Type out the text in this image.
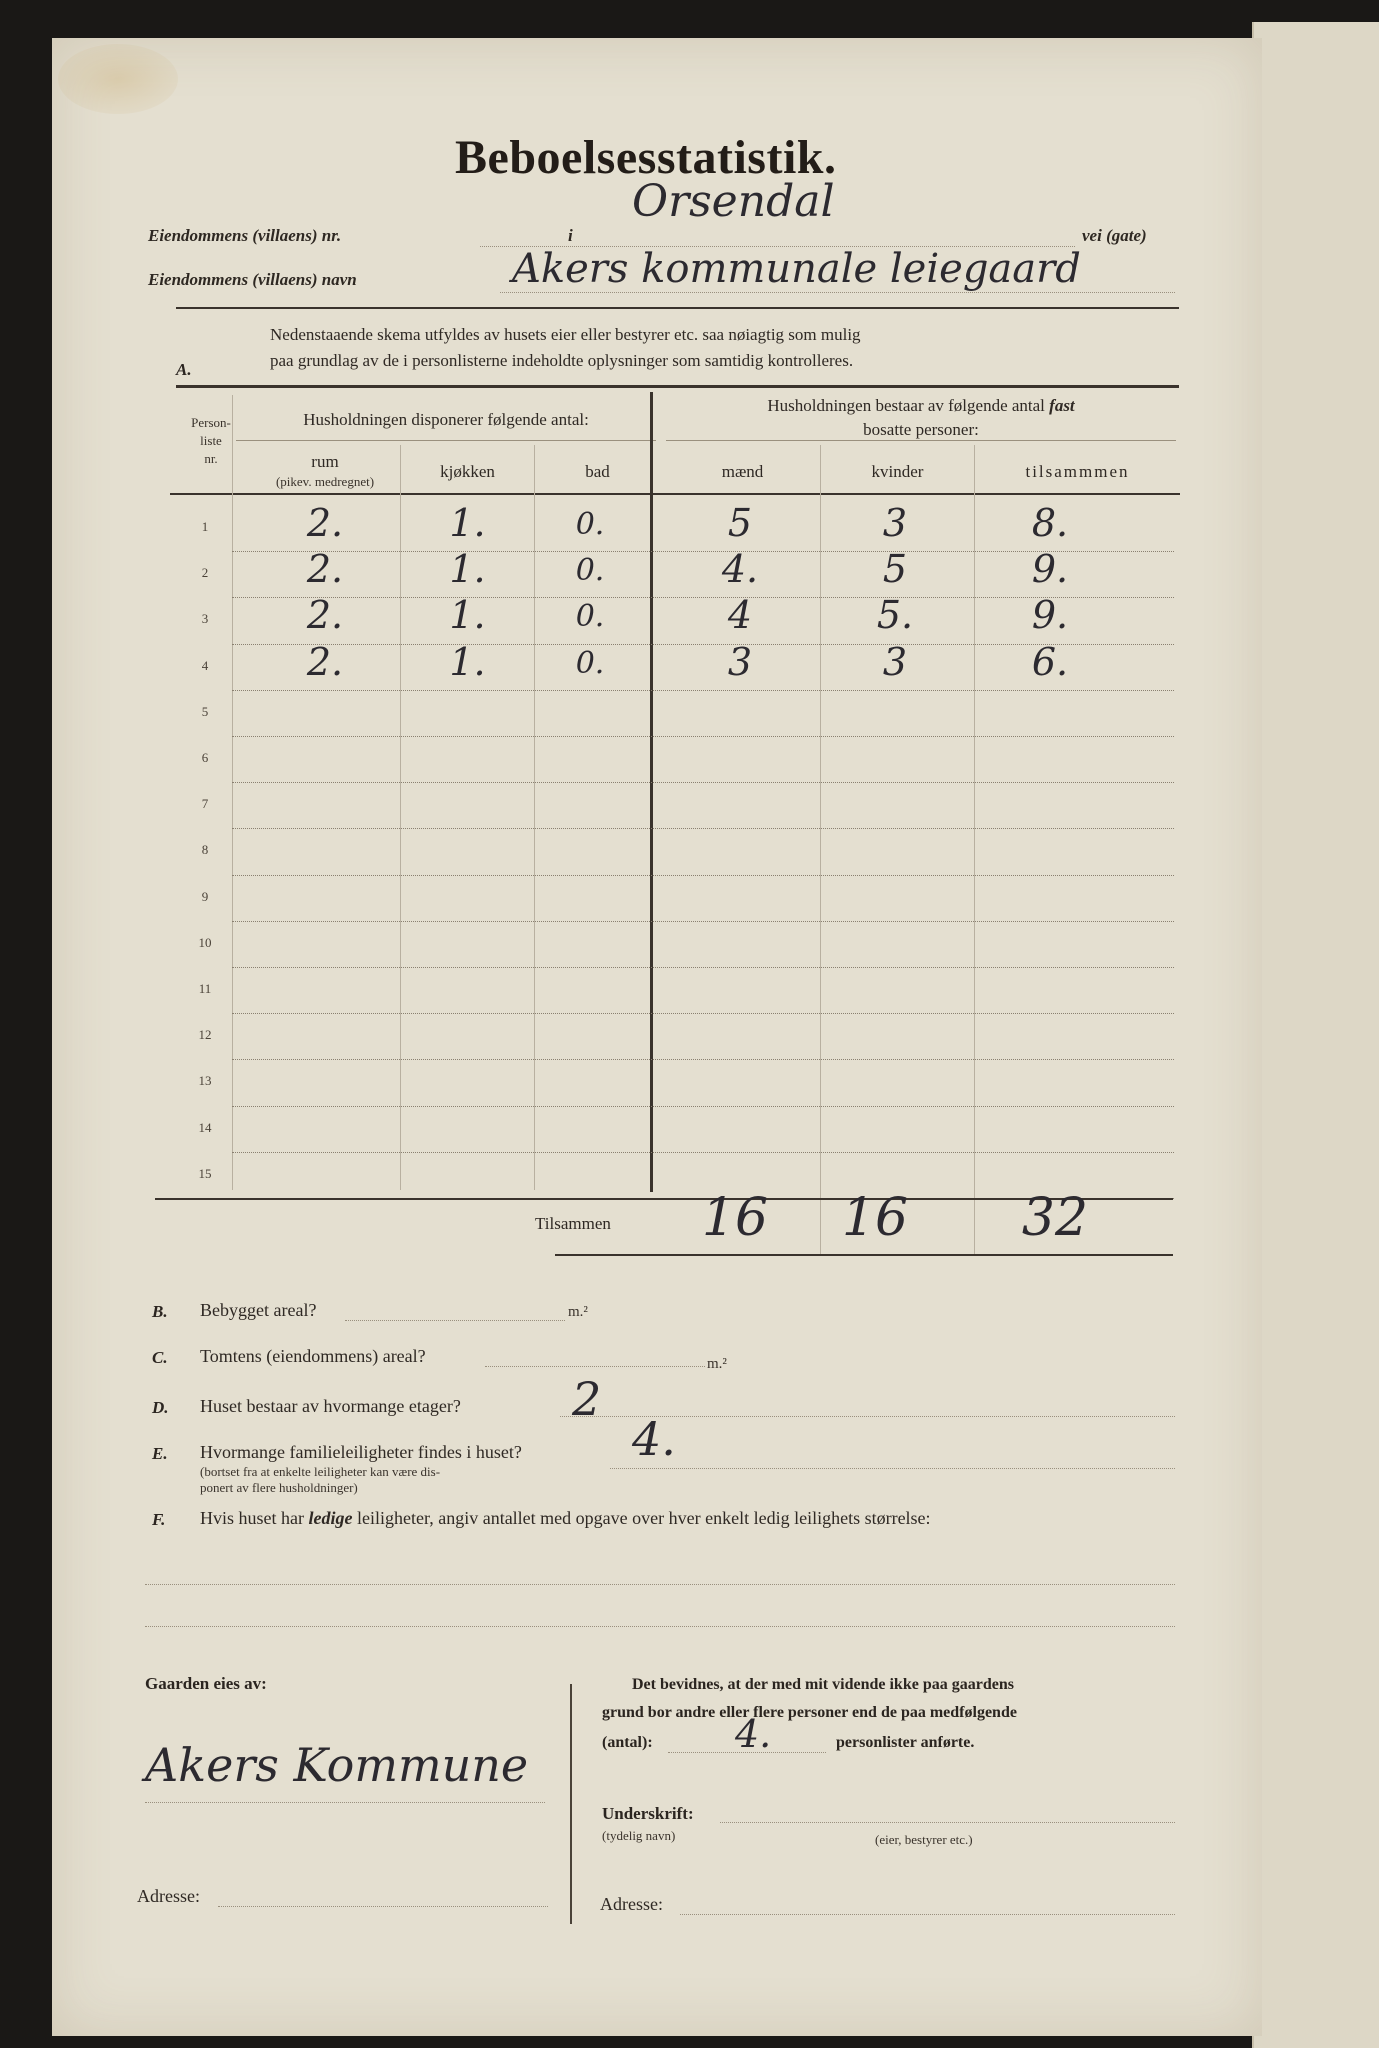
Beboelsesstatistik.
Eiendommens (villaens) nr.	i
Orsendal
vei (gate)
Eiendommens (villaens) navn	Akers kommunale leiegaard
Nedenstaaende skema utfyldes av husets eier eller bestyrer etc. saa nøiagtig som mulig
paa grundlag av de i personlisterne indeholdte oplysninger som samtidig kontrolleres.
A.
Person-
liste
nr.
Husholdningen disponerer følgende antal:
Husholdningen bestaar av følgende antal fast
bosatte personer:
rum
(pikev. medregnet)
kjøkken	bad	mænd	kvinder	tilsammmen
1	2.	1.	0.	5	3	8.
2	2.	1.	0.	4.	5	9.
3	2.	1.	0.	4	5.	9.
4	2.	1.	0.	3	3	6.
5
6
7
8
9
10
11
12
13
14
15
Tilsammen	16	16	32
B. Bebygget areal?	m.²
C. Tomtens (eiendommens) areal?	m.²
D. Huset bestaar av hvormange etager? 2
E. Hvormange familieleiligheter findes i huset?
(bortset fra at enkelte leiligheter kan være dis-
ponert av flere husholdninger)
4.
F. Hvis huset har ledige leiligheter, angiv antallet med opgave over hver enkelt ledig leilighets størrelse:
Gaarden eies av:
Akers Kommune
Adresse:
Det bevidnes, at der med mit vidende ikke paa gaardens
grund bor andre eller flere personer end de paa medfølgende
(antal): 4.	personlister anførte.
Underskrift:
(tydelig navn)	(eier, bestyrer etc.)
Adresse:
